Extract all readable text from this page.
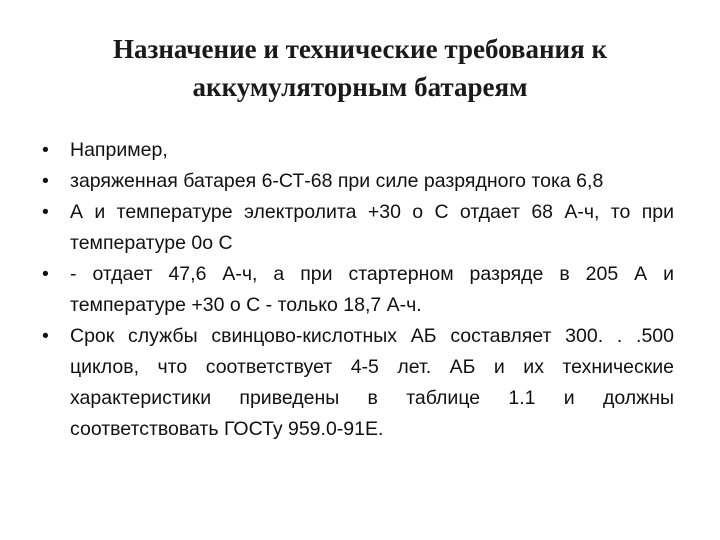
Назначение и технические требования к
аккумуляторным батареям
•	Например,
•	заряженная батарея 6-СТ-68 при силе разрядного тока 6,8
•	А и температуре электролита +30 о С отдает 68 А-ч, то при температуре 0о С
•	- отдает 47,6 А-ч, а при стартерном разряде в 205 А и температуре +30 о С - только 18,7 А-ч.
•	Срок службы свинцово-кислотных АБ составляет 300. . .500 циклов, что соответствует 4-5 лет. АБ и их технические характеристики приведены в таблице 1.1 и должны соответствовать ГОСТу 959.0-91Е.
